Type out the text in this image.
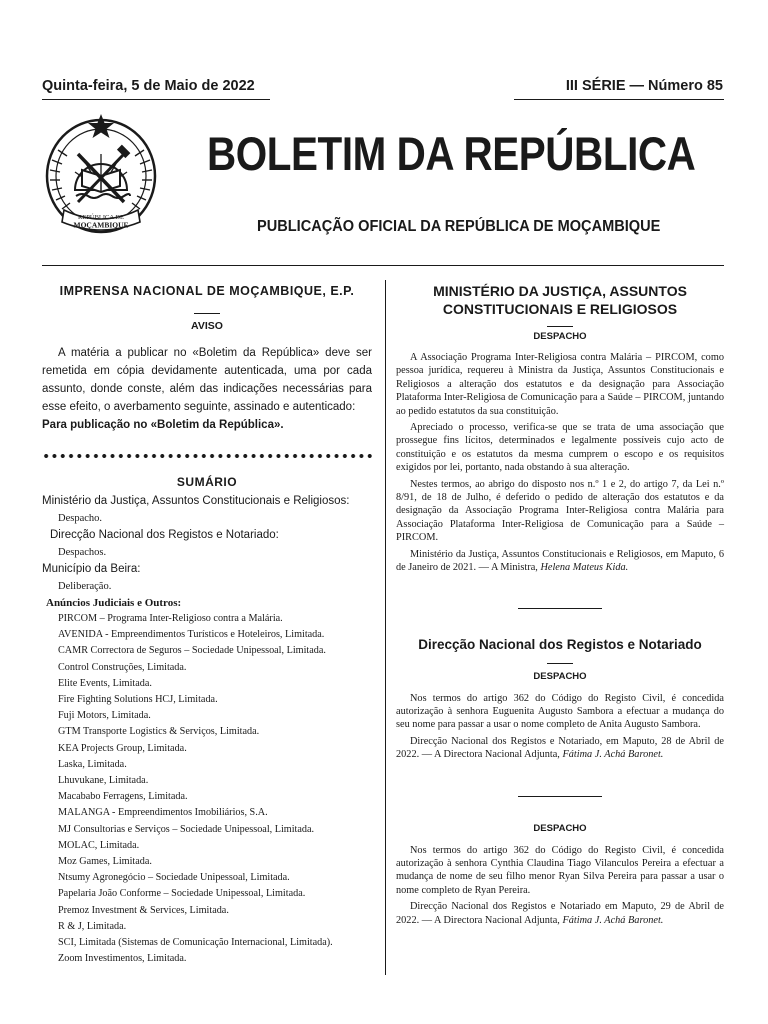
Quinta-feira, 5 de Maio de 2022	III SÉRIE — Número 85
REPÚBLICA DE
MOÇAMBIQUE
BOLETIM DA REPÚBLICA
PUBLICAÇÃO OFICIAL DA REPÚBLICA DE MOÇAMBIQUE
IMPRENSA NACIONAL DE MOÇAMBIQUE, E.P.
AVISO

A matéria a publicar no «Boletim da República» deve ser remetida em cópia devidamente autenticada, uma por cada assunto, donde conste, além das indicações necessárias para esse efeito, o averbamento seguinte, assinado e autenticado:

Para publicação no «Boletim da República».

SUMÁRIO
Ministério da Justiça, Assuntos Constitucionais e Religiosos:
Despacho.
Direcção Nacional dos Registos e Notariado:
Despachos.
Município da Beira:
Deliberação.
Anúncios Judiciais e Outros:
PIRCOM – Programa Inter-Religioso contra a Malária.
AVENIDA - Empreendimentos Turísticos e Hoteleiros, Limitada.
CAMR Correctora de Seguros – Sociedade Unipessoal, Limitada.
Control Construções, Limitada.
Elite Events, Limitada.
Fire Fighting Solutions HCJ, Limitada.
Fuji Motors, Limitada.
GTM Transporte Logistics & Serviços, Limitada.
KEA Projects Group, Limitada.
Laska, Limitada.
Lhuvukane, Limitada.
Macababo Ferragens, Limitada.
MALANGA - Empreendimentos Imobiliários, S.A.
MJ Consultorias e Serviços – Sociedade Unipessoal, Limitada.
MOLAC, Limitada.
Moz Games, Limitada.
Ntsumy Agronegócio – Sociedade Unipessoal, Limitada.
Papelaria João Conforme – Sociedade Unipessoal, Limitada.
Premoz Investment & Services, Limitada.
R & J, Limitada.
SCI, Limitada (Sistemas de Comunicação Internacional, Limitada).
Zoom Investimentos, Limitada.
MINISTÉRIO DA JUSTIÇA, ASSUNTOS
CONSTITUCIONAIS E RELIGIOSOS
DESPACHO

A Associação Programa Inter-Religiosa contra Malária – PIRCOM, como pessoa jurídica, requereu à Ministra da Justiça, Assuntos Constitucionais e Religiosos a alteração dos estatutos e da designação para Associação Plataforma Inter-Religiosa de Comunicação para a Saúde – PIRCOM, juntando ao pedido estatutos da sua constituição.

Apreciado o processo, verifica-se que se trata de uma associação que prossegue fins lícitos, determinados e legalmente possíveis cujo acto de constituição e os estatutos da mesma cumprem o escopo e os requisitos exigidos por lei, portanto, nada obstando à sua alteração.

Nestes termos, ao abrigo do disposto nos n.º 1 e 2, do artigo 7, da Lei n.º 8/91, de 18 de Julho, é deferido o pedido de alteração dos estatutos e da designação da Associação Programa Inter-Religiosa contra Malária para Associação Plataforma Inter-Religiosa de Comunicação para a Saúde – PIRCOM.

Ministério da Justiça, Assuntos Constitucionais e Religiosos, em Maputo, 6 de Janeiro de 2021. — A Ministra, Helena Mateus Kida.

Direcção Nacional dos Registos e Notariado
DESPACHO

Nos termos do artigo 362 do Código do Registo Civil, é concedida autorização à senhora Euguenita Augusto Sambora a efectuar a mudança do seu nome para passar a usar o nome completo de Anita Augusto Sambora.

Direcção Nacional dos Registos e Notariado, em Maputo, 28 de Abril de 2022. — A Directora Nacional Adjunta, Fátima J. Achá Baronet.

DESPACHO

Nos termos do artigo 362 do Código do Registo Civil, é concedida autorização à senhora Cynthia Claudina Tiago Vilanculos Pereira a efectuar a mudança de nome de seu filho menor Ryan Silva Pereira para passar a usar o nome completo de Ryan Pereira.

Direcção Nacional dos Registos e Notariado em Maputo, 29 de Abril de 2022. — A Directora Nacional Adjunta, Fátima J. Achá Baronet.
